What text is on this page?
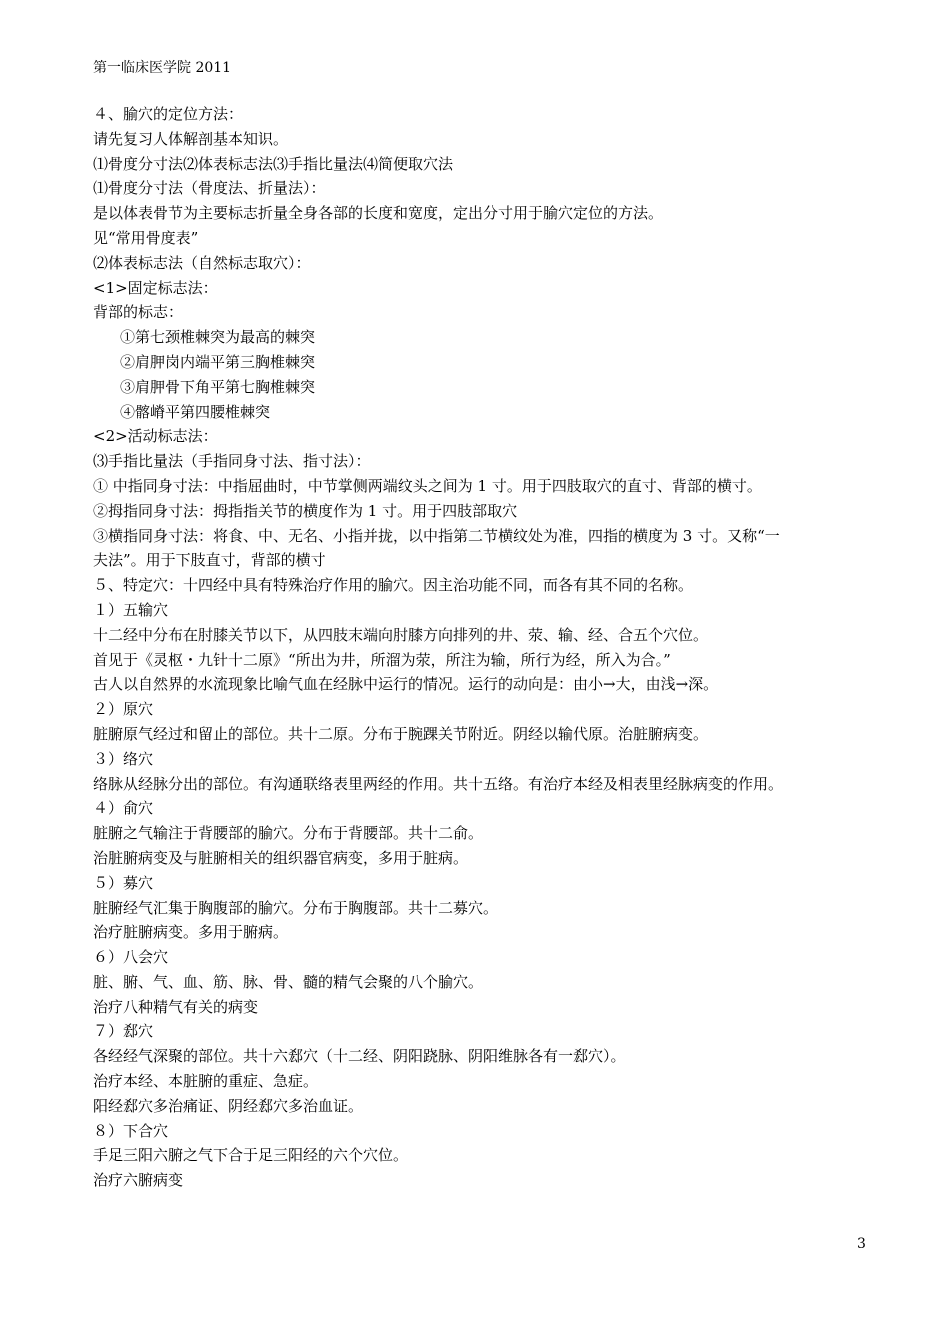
第一临床医学院 2011
４、腧穴的定位方法：
请先复习人体解剖基本知识。
⑴骨度分寸法⑵体表标志法⑶手指比量法⑷简便取穴法
⑴骨度分寸法（骨度法、折量法）：
是以体表骨节为主要标志折量全身各部的长度和宽度，定出分寸用于腧穴定位的方法。
见“常用骨度表”
⑵体表标志法（自然标志取穴）：
<1>固定标志法：
背部的标志：
①第七颈椎棘突为最高的棘突
②肩胛岗内端平第三胸椎棘突
③肩胛骨下角平第七胸椎棘突
④髂嵴平第四腰椎棘突
<2>活动标志法：
⑶手指比量法（手指同身寸法、指寸法）：
① 中指同身寸法：中指屈曲时，中节掌侧两端纹头之间为 1 寸。用于四肢取穴的直寸、背部的横寸。
②拇指同身寸法：拇指指关节的横度作为 1 寸。用于四肢部取穴
③横指同身寸法：将食、中、无名、小指并拢，以中指第二节横纹处为准，四指的横度为 3 寸。又称“一
夫法”。用于下肢直寸，背部的横寸
５、特定穴：十四经中具有特殊治疗作用的腧穴。因主治功能不同，而各有其不同的名称。
１）五输穴
十二经中分布在肘膝关节以下，从四肢末端向肘膝方向排列的井、荥、输、经、合五个穴位。
首见于《灵枢・九针十二原》“所出为井，所溜为荥，所注为输，所行为经，所入为合。”
古人以自然界的水流现象比喻气血在经脉中运行的情况。运行的动向是：由小→大，由浅→深。
２）原穴
脏腑原气经过和留止的部位。共十二原。分布于腕踝关节附近。阴经以输代原。治脏腑病变。
３）络穴
络脉从经脉分出的部位。有沟通联络表里两经的作用。共十五络。有治疗本经及相表里经脉病变的作用。
４）俞穴
脏腑之气输注于背腰部的腧穴。分布于背腰部。共十二俞。
治脏腑病变及与脏腑相关的组织器官病变，多用于脏病。
５）募穴
脏腑经气汇集于胸腹部的腧穴。分布于胸腹部。共十二募穴。
治疗脏腑病变。多用于腑病。
６）八会穴
脏、腑、气、血、筋、脉、骨、髓的精气会聚的八个腧穴。
治疗八种精气有关的病变
７）郄穴
各经经气深聚的部位。共十六郄穴（十二经、阴阳跷脉、阴阳维脉各有一郄穴）。
治疗本经、本脏腑的重症、急症。
阳经郄穴多治痛证、阴经郄穴多治血证。
８）下合穴
手足三阳六腑之气下合于足三阳经的六个穴位。
治疗六腑病变
3
